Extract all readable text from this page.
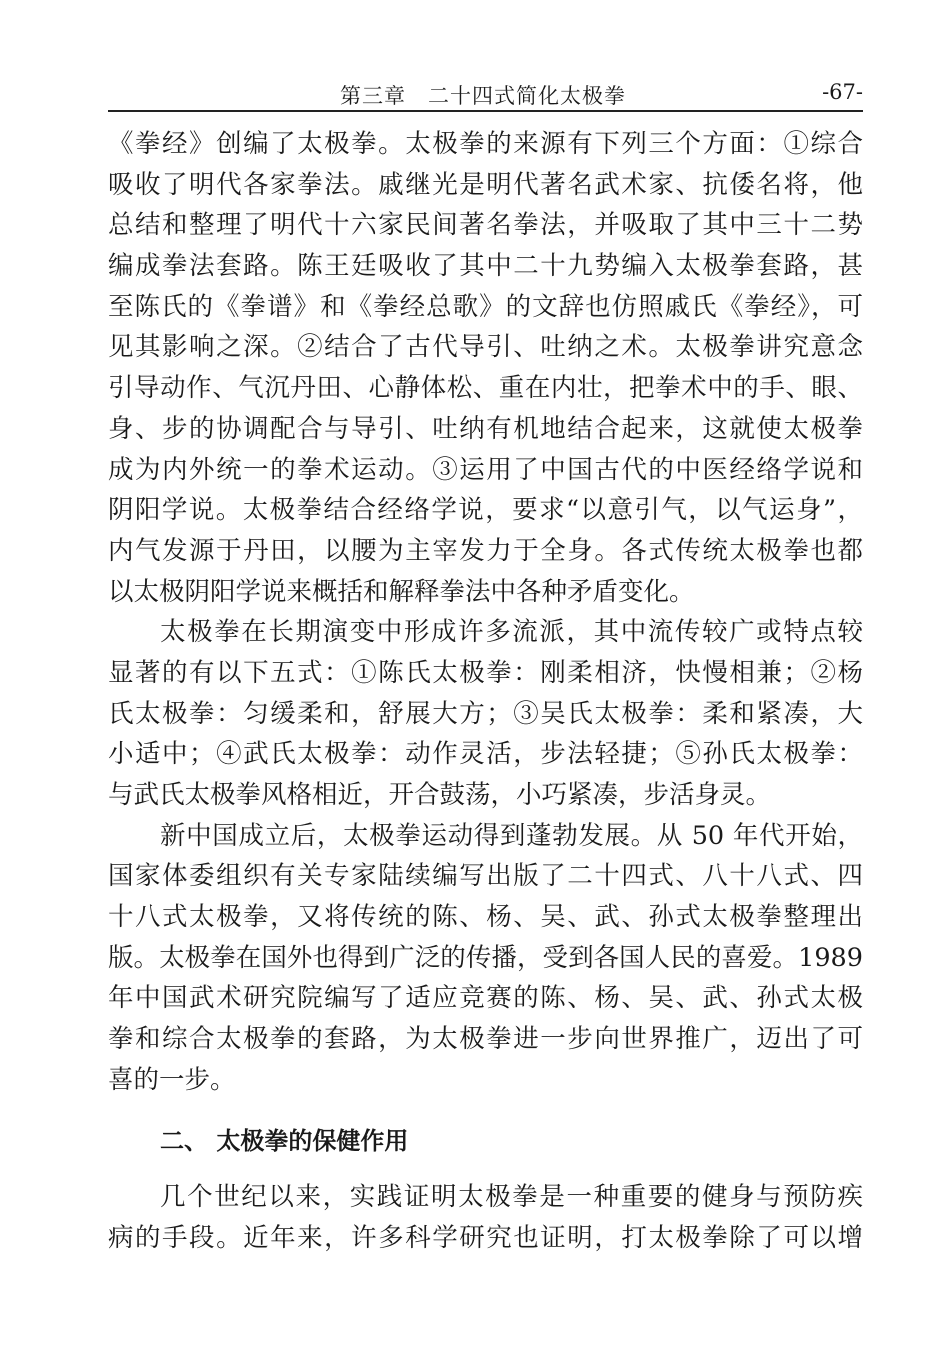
第三章　二十四式简化太极拳	-67-
《拳经》创编了太极拳。太极拳的来源有下列三个方面：①综合
吸收了明代各家拳法。戚继光是明代著名武术家、抗倭名将，他
总结和整理了明代十六家民间著名拳法，并吸取了其中三十二势
编成拳法套路。陈王廷吸收了其中二十九势编入太极拳套路，甚
至陈氏的《拳谱》和《拳经总歌》的文辞也仿照戚氏《拳经》，可
见其影响之深。②结合了古代导引、吐纳之术。太极拳讲究意念
引导动作、气沉丹田、心静体松、重在内壮，把拳术中的手、眼、
身、步的协调配合与导引、吐纳有机地结合起来，这就使太极拳
成为内外统一的拳术运动。③运用了中国古代的中医经络学说和
阴阳学说。太极拳结合经络学说，要求“以意引气，以气运身”，
内气发源于丹田，以腰为主宰发力于全身。各式传统太极拳也都
以太极阴阳学说来概括和解释拳法中各种矛盾变化。
太极拳在长期演变中形成许多流派，其中流传较广或特点较
显著的有以下五式：①陈氏太极拳：刚柔相济，快慢相兼；②杨
氏太极拳：匀缓柔和，舒展大方；③吴氏太极拳：柔和紧凑，大
小适中；④武氏太极拳：动作灵活，步法轻捷；⑤孙氏太极拳：
与武氏太极拳风格相近，开合鼓荡，小巧紧凑，步活身灵。
新中国成立后，太极拳运动得到蓬勃发展。从 50 年代开始，
国家体委组织有关专家陆续编写出版了二十四式、八十八式、四
十八式太极拳，又将传统的陈、杨、吴、武、孙式太极拳整理出
版。太极拳在国外也得到广泛的传播，受到各国人民的喜爱。1989
年中国武术研究院编写了适应竞赛的陈、杨、吴、武、孙式太极
拳和综合太极拳的套路，为太极拳进一步向世界推广，迈出了可
喜的一步。
二、 太极拳的保健作用
几个世纪以来，实践证明太极拳是一种重要的健身与预防疾
病的手段。近年来，许多科学研究也证明，打太极拳除了可以增
